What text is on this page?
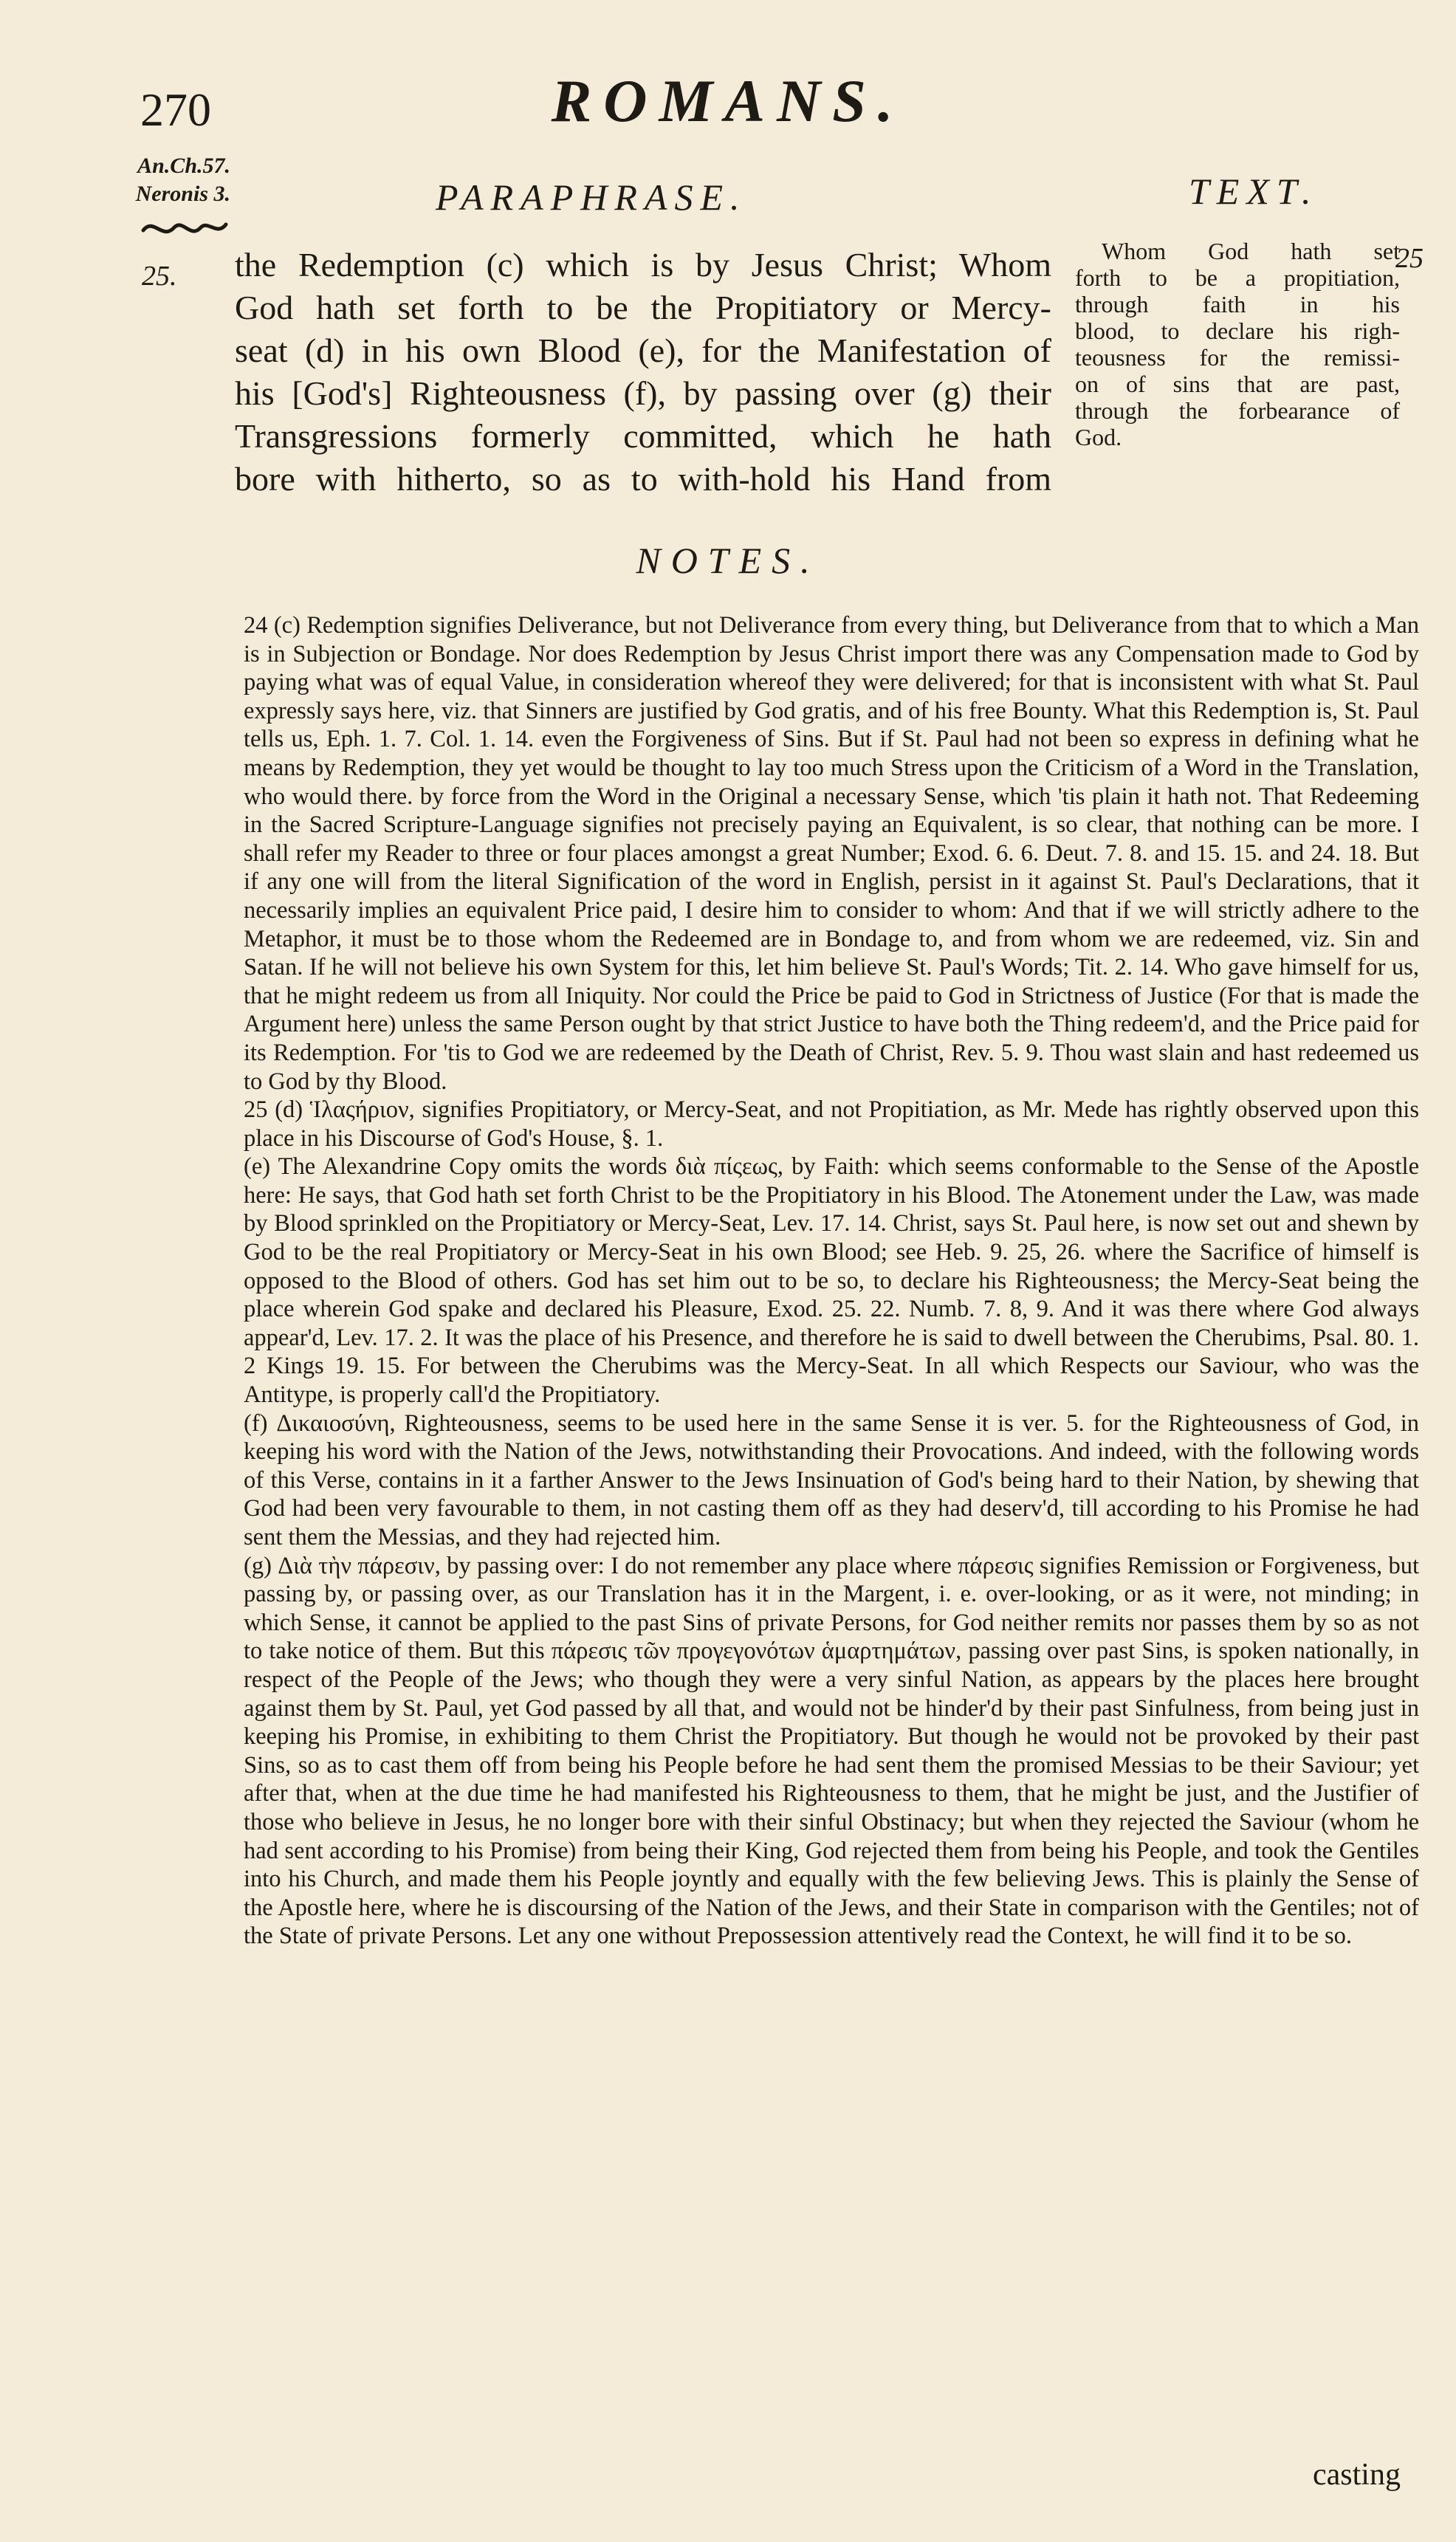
270	ROMANS.
An.Ch.57.
Neronis 3.	PARAPHRASE.	TEXT.
25.
25
the Redemption (c) which is by Jesus Christ; Whom
God hath set forth to be the Propitiatory or Mercy-
seat (d) in his own Blood (e), for the Manifestation of
his [God's] Righteousness (f), by passing over (g) their
Transgressions formerly committed, which he hath
bore with hitherto, so as to with-hold his Hand from
Whom God hath set
forth to be a propitiation,
through faith in his
blood, to declare his righ-
teousness for the remissi-
on of sins that are past,
through the forbearance of
God.
NOTES.

24 (c) Redemption signifies Deliverance, but not Deliverance from every thing, but Deliverance from that to which a Man is in Subjection or Bondage. Nor does Redemption by Jesus Christ import there was any Compensation made to God by paying what was of equal Value, in consideration whereof they were delivered; for that is inconsistent with what St. Paul expressly says here, viz. that Sinners are justified by God gratis, and of his free Bounty. What this Redemption is, St. Paul tells us, Eph. 1. 7. Col. 1. 14. even the Forgiveness of Sins. But if St. Paul had not been so express in defining what he means by Redemption, they yet would be thought to lay too much Stress upon the Criticism of a Word in the Translation, who would there. by force from the Word in the Original a necessary Sense, which 'tis plain it hath not. That Redeeming in the Sacred Scripture-Language signifies not precisely paying an Equivalent, is so clear, that nothing can be more. I shall refer my Reader to three or four places amongst a great Number; Exod. 6. 6. Deut. 7. 8. and 15. 15. and 24. 18. But if any one will from the literal Signification of the word in English, persist in it against St. Paul's Declarations, that it necessarily implies an equivalent Price paid, I desire him to consider to whom: And that if we will strictly adhere to the Metaphor, it must be to those whom the Redeemed are in Bondage to, and from whom we are redeemed, viz. Sin and Satan. If he will not believe his own System for this, let him believe St. Paul's Words; Tit. 2. 14. Who gave himself for us, that he might redeem us from all Iniquity. Nor could the Price be paid to God in Strictness of Justice (For that is made the Argument here) unless the same Person ought by that strict Justice to have both the Thing redeem'd, and the Price paid for its Redemption. For 'tis to God we are redeemed by the Death of Christ, Rev. 5. 9. Thou wast slain and hast redeemed us to God by thy Blood.

25 (d) Ἱλαςήριον, signifies Propitiatory, or Mercy-Seat, and not Propitiation, as Mr. Mede has rightly observed upon this place in his Discourse of God's House, §. 1.

(e) The Alexandrine Copy omits the words διὰ πίςεως, by Faith: which seems conformable to the Sense of the Apostle here: He says, that God hath set forth Christ to be the Propitiatory in his Blood. The Atonement under the Law, was made by Blood sprinkled on the Propitiatory or Mercy-Seat, Lev. 17. 14. Christ, says St. Paul here, is now set out and shewn by God to be the real Propitiatory or Mercy-Seat in his own Blood; see Heb. 9. 25, 26. where the Sacrifice of himself is opposed to the Blood of others. God has set him out to be so, to declare his Righteousness; the Mercy-Seat being the place wherein God spake and declared his Pleasure, Exod. 25. 22. Numb. 7. 8, 9. And it was there where God always appear'd, Lev. 17. 2. It was the place of his Presence, and therefore he is said to dwell between the Cherubims, Psal. 80. 1. 2 Kings 19. 15. For between the Cherubims was the Mercy-Seat. In all which Respects our Saviour, who was the Antitype, is properly call'd the Propitiatory.

(f) Δικαιοσύνη, Righteousness, seems to be used here in the same Sense it is ver. 5. for the Righteousness of God, in keeping his word with the Nation of the Jews, notwithstanding their Provocations. And indeed, with the following words of this Verse, contains in it a farther Answer to the Jews Insinuation of God's being hard to their Nation, by shewing that God had been very favourable to them, in not casting them off as they had deserv'd, till according to his Promise he had sent them the Messias, and they had rejected him.

(g) Διὰ τὴν πάρεσιν, by passing over: I do not remember any place where πάρεσις signifies Remission or Forgiveness, but passing by, or passing over, as our Translation has it in the Margent, i. e. over-looking, or as it were, not minding; in which Sense, it cannot be applied to the past Sins of private Persons, for God neither remits nor passes them by so as not to take notice of them. But this πάρεσις τῶν προγεγονότων ἁμαρτημάτων, passing over past Sins, is spoken nationally, in respect of the People of the Jews; who though they were a very sinful Nation, as appears by the places here brought against them by St. Paul, yet God passed by all that, and would not be hinder'd by their past Sinfulness, from being just in keeping his Promise, in exhibiting to them Christ the Propitiatory. But though he would not be provoked by their past Sins, so as to cast them off from being his People before he had sent them the promised Messias to be their Saviour; yet after that, when at the due time he had manifested his Righteousness to them, that he might be just, and the Justifier of those who believe in Jesus, he no longer bore with their sinful Obstinacy; but when they rejected the Saviour (whom he had sent according to his Promise) from being their King, God rejected them from being his People, and took the Gentiles into his Church, and made them his People joyntly and equally with the few believing Jews. This is plainly the Sense of the Apostle here, where he is discoursing of the Nation of the Jews, and their State in comparison with the Gentiles; not of the State of private Persons. Let any one without Prepossession attentively read the Context, he will find it to be so.

casting
